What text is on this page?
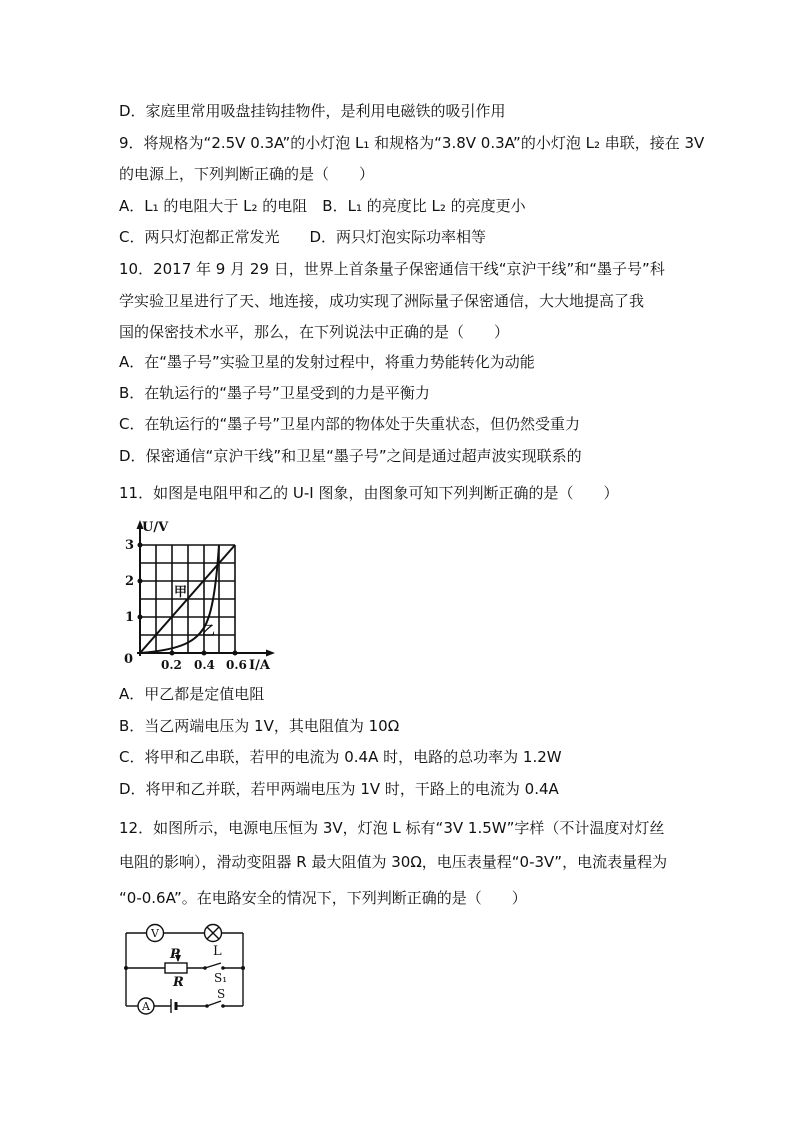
D．家庭里常用吸盘挂钩挂物件，是利用电磁铁的吸引作用
9．将规格为“2.5V 0.3A”的小灯泡 L₁ 和规格为“3.8V 0.3A”的小灯泡 L₂ 串联，接在 3V
的电源上，下列判断正确的是（　　）
A．L₁ 的电阻大于 L₂ 的电阻　B．L₁ 的亮度比 L₂ 的亮度更小
C．两只灯泡都正常发光　　D．两只灯泡实际功率相等
10．2017 年 9 月 29 日，世界上首条量子保密通信干线“京沪干线”和“墨子号”科
学实验卫星进行了天、地连接，成功实现了洲际量子保密通信，大大地提高了我
国的保密技术水平，那么，在下列说法中正确的是（　　）
A．在“墨子号”实验卫星的发射过程中，将重力势能转化为动能
B．在轨运行的“墨子号”卫星受到的力是平衡力
C．在轨运行的“墨子号”卫星内部的物体处于失重状态，但仍然受重力
D．保密通信“京沪干线”和卫星“墨子号”之间是通过超声波实现联系的
11．如图是电阻甲和乙的 U-I 图象，由图象可知下列判断正确的是（　　）
U/V
I/A
0
1
2
3
0.2 0.4 0.6
甲
乙
A．甲乙都是定值电阻
B．当乙两端电压为 1V，其电阻值为 10Ω
C．将甲和乙串联，若甲的电流为 0.4A 时，电路的总功率为 1.2W
D．将甲和乙并联，若甲两端电压为 1V 时，干路上的电流为 0.4A
12．如图所示，电源电压恒为 3V，灯泡 L 标有“3V 1.5W”字样（不计温度对灯丝
电阻的影响），滑动变阻器 R 最大阻值为 30Ω，电压表量程“0-3V”，电流表量程为
“0-0.6A”。在电路安全的情况下，下列判断正确的是（　　）
V
A
L
P
R	S₁
S
